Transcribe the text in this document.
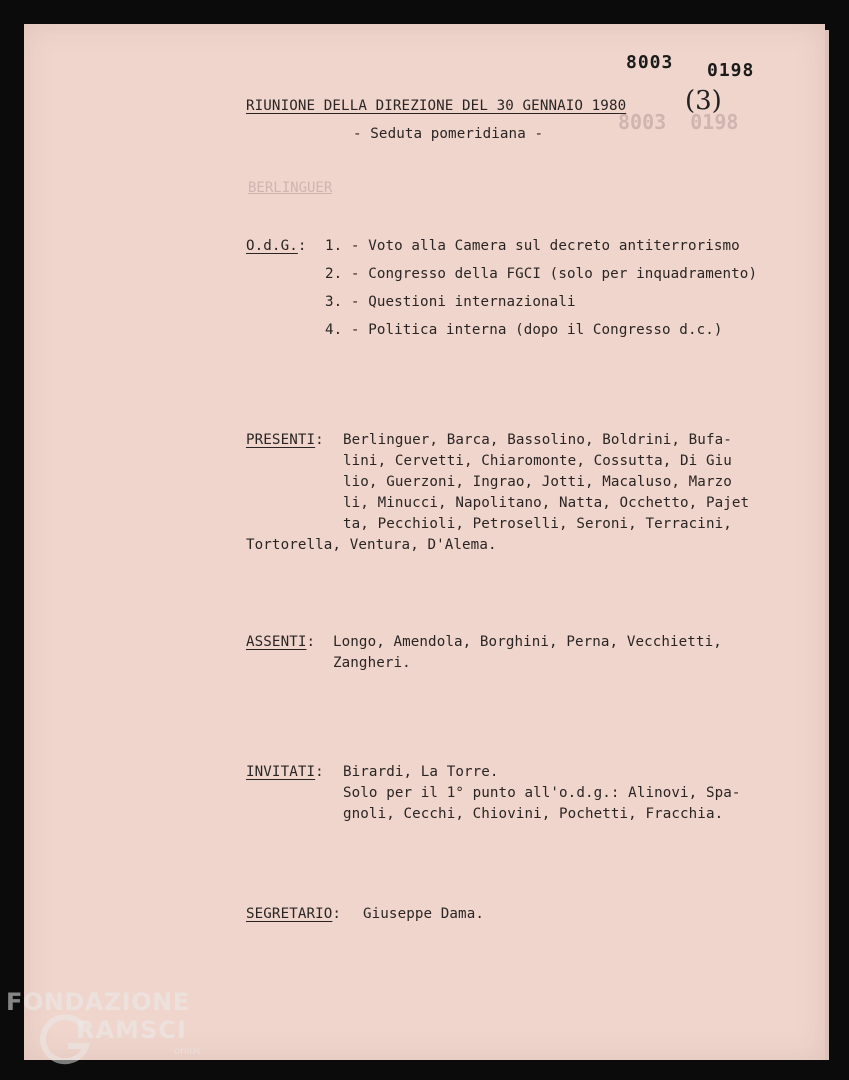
8003  0198
BERLINGUER
8003 0198
(3)
RIUNIONE DELLA DIREZIONE DEL 30 GENNAIO 1980
- Seduta pomeridiana -
O.d.G.: 1. - Voto alla Camera sul decreto antiterrorismo
2. - Congresso della FGCI (solo per inquadramento)
3. - Questioni internazionali
4. - Politica interna (dopo il Congresso d.c.)
PRESENTI: Berlinguer, Barca, Bassolino, Boldrini, Bufa-
lini, Cervetti, Chiaromonte, Cossutta, Di Giu
lio, Guerzoni, Ingrao, Jotti, Macaluso, Marzo
li, Minucci, Napolitano, Natta, Occhetto, Pajet
ta, Pecchioli, Petroselli, Seroni, Terracini,
Tortorella, Ventura, D'Alema.
ASSENTI: Longo, Amendola, Borghini, Perna, Vecchietti,
Zangheri.
INVITATI: Birardi, La Torre.
Solo per il 1° punto all'o.d.g.: Alinovi, Spa-
gnoli, Cecchi, Chiovini, Pochetti, Fracchia.
SEGRETARIO: Giuseppe Dama.
FONDAZIONE
RAMSCI
onlus
